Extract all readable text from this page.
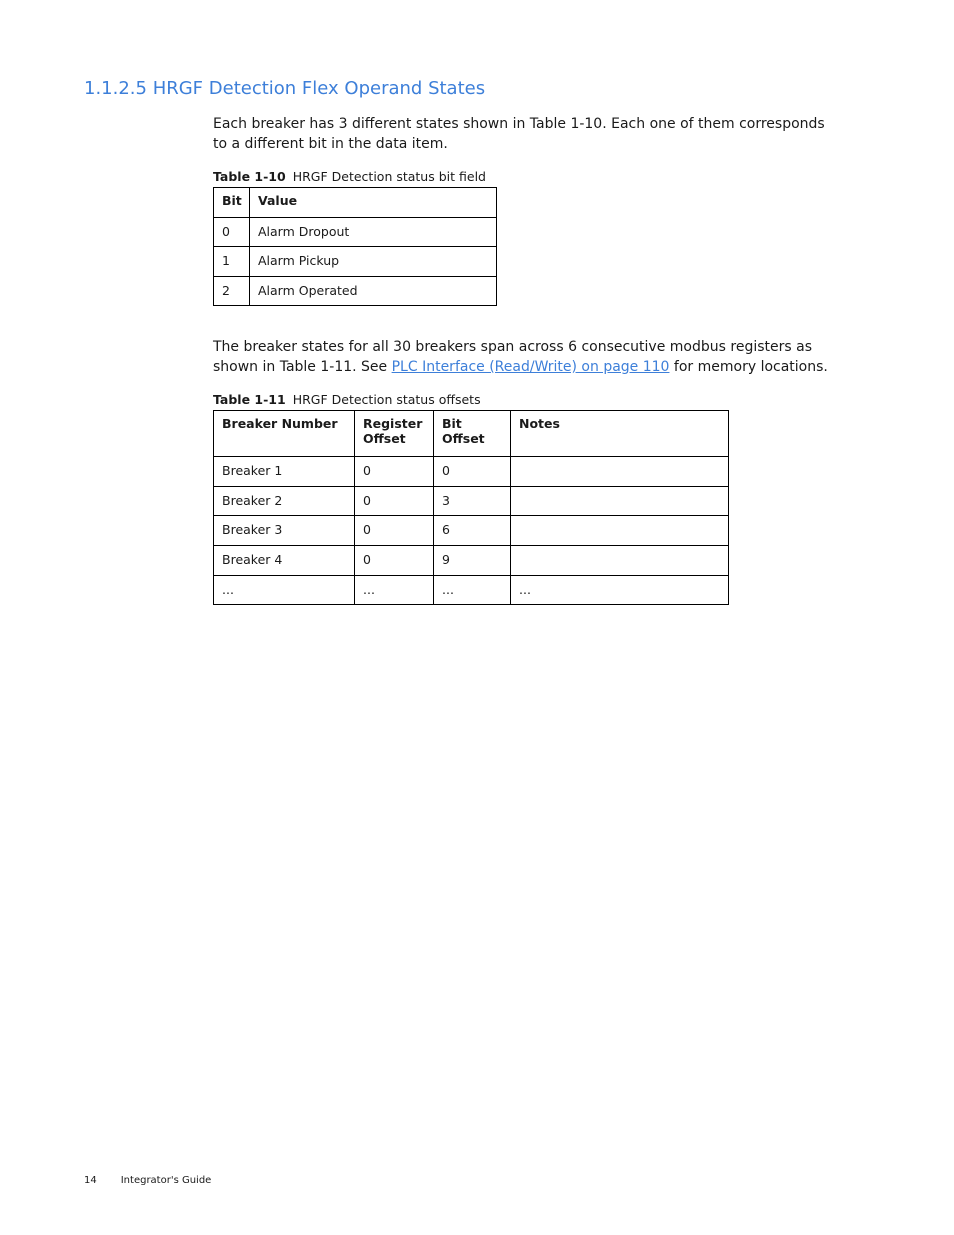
1.1.2.5 HRGF Detection Flex Operand States

Each breaker has 3 different states shown in Table 1-10. Each one of them corresponds to a different bit in the data item.

Table 1-10 HRGF Detection status bit field

Bit	Value
0	Alarm Dropout
1	Alarm Pickup
2	Alarm Operated

The breaker states for all 30 breakers span across 6 consecutive modbus registers as shown in Table 1-11. See PLC Interface (Read/Write) on page 110 for memory locations.

Table 1-11 HRGF Detection status offsets

Breaker Number	Register Offset	Bit Offset	Notes
Breaker 1	0	0	
Breaker 2	0	3	
Breaker 3	0	6	
Breaker 4	0	9	
...	...	...	...
14 Integrator's Guide
